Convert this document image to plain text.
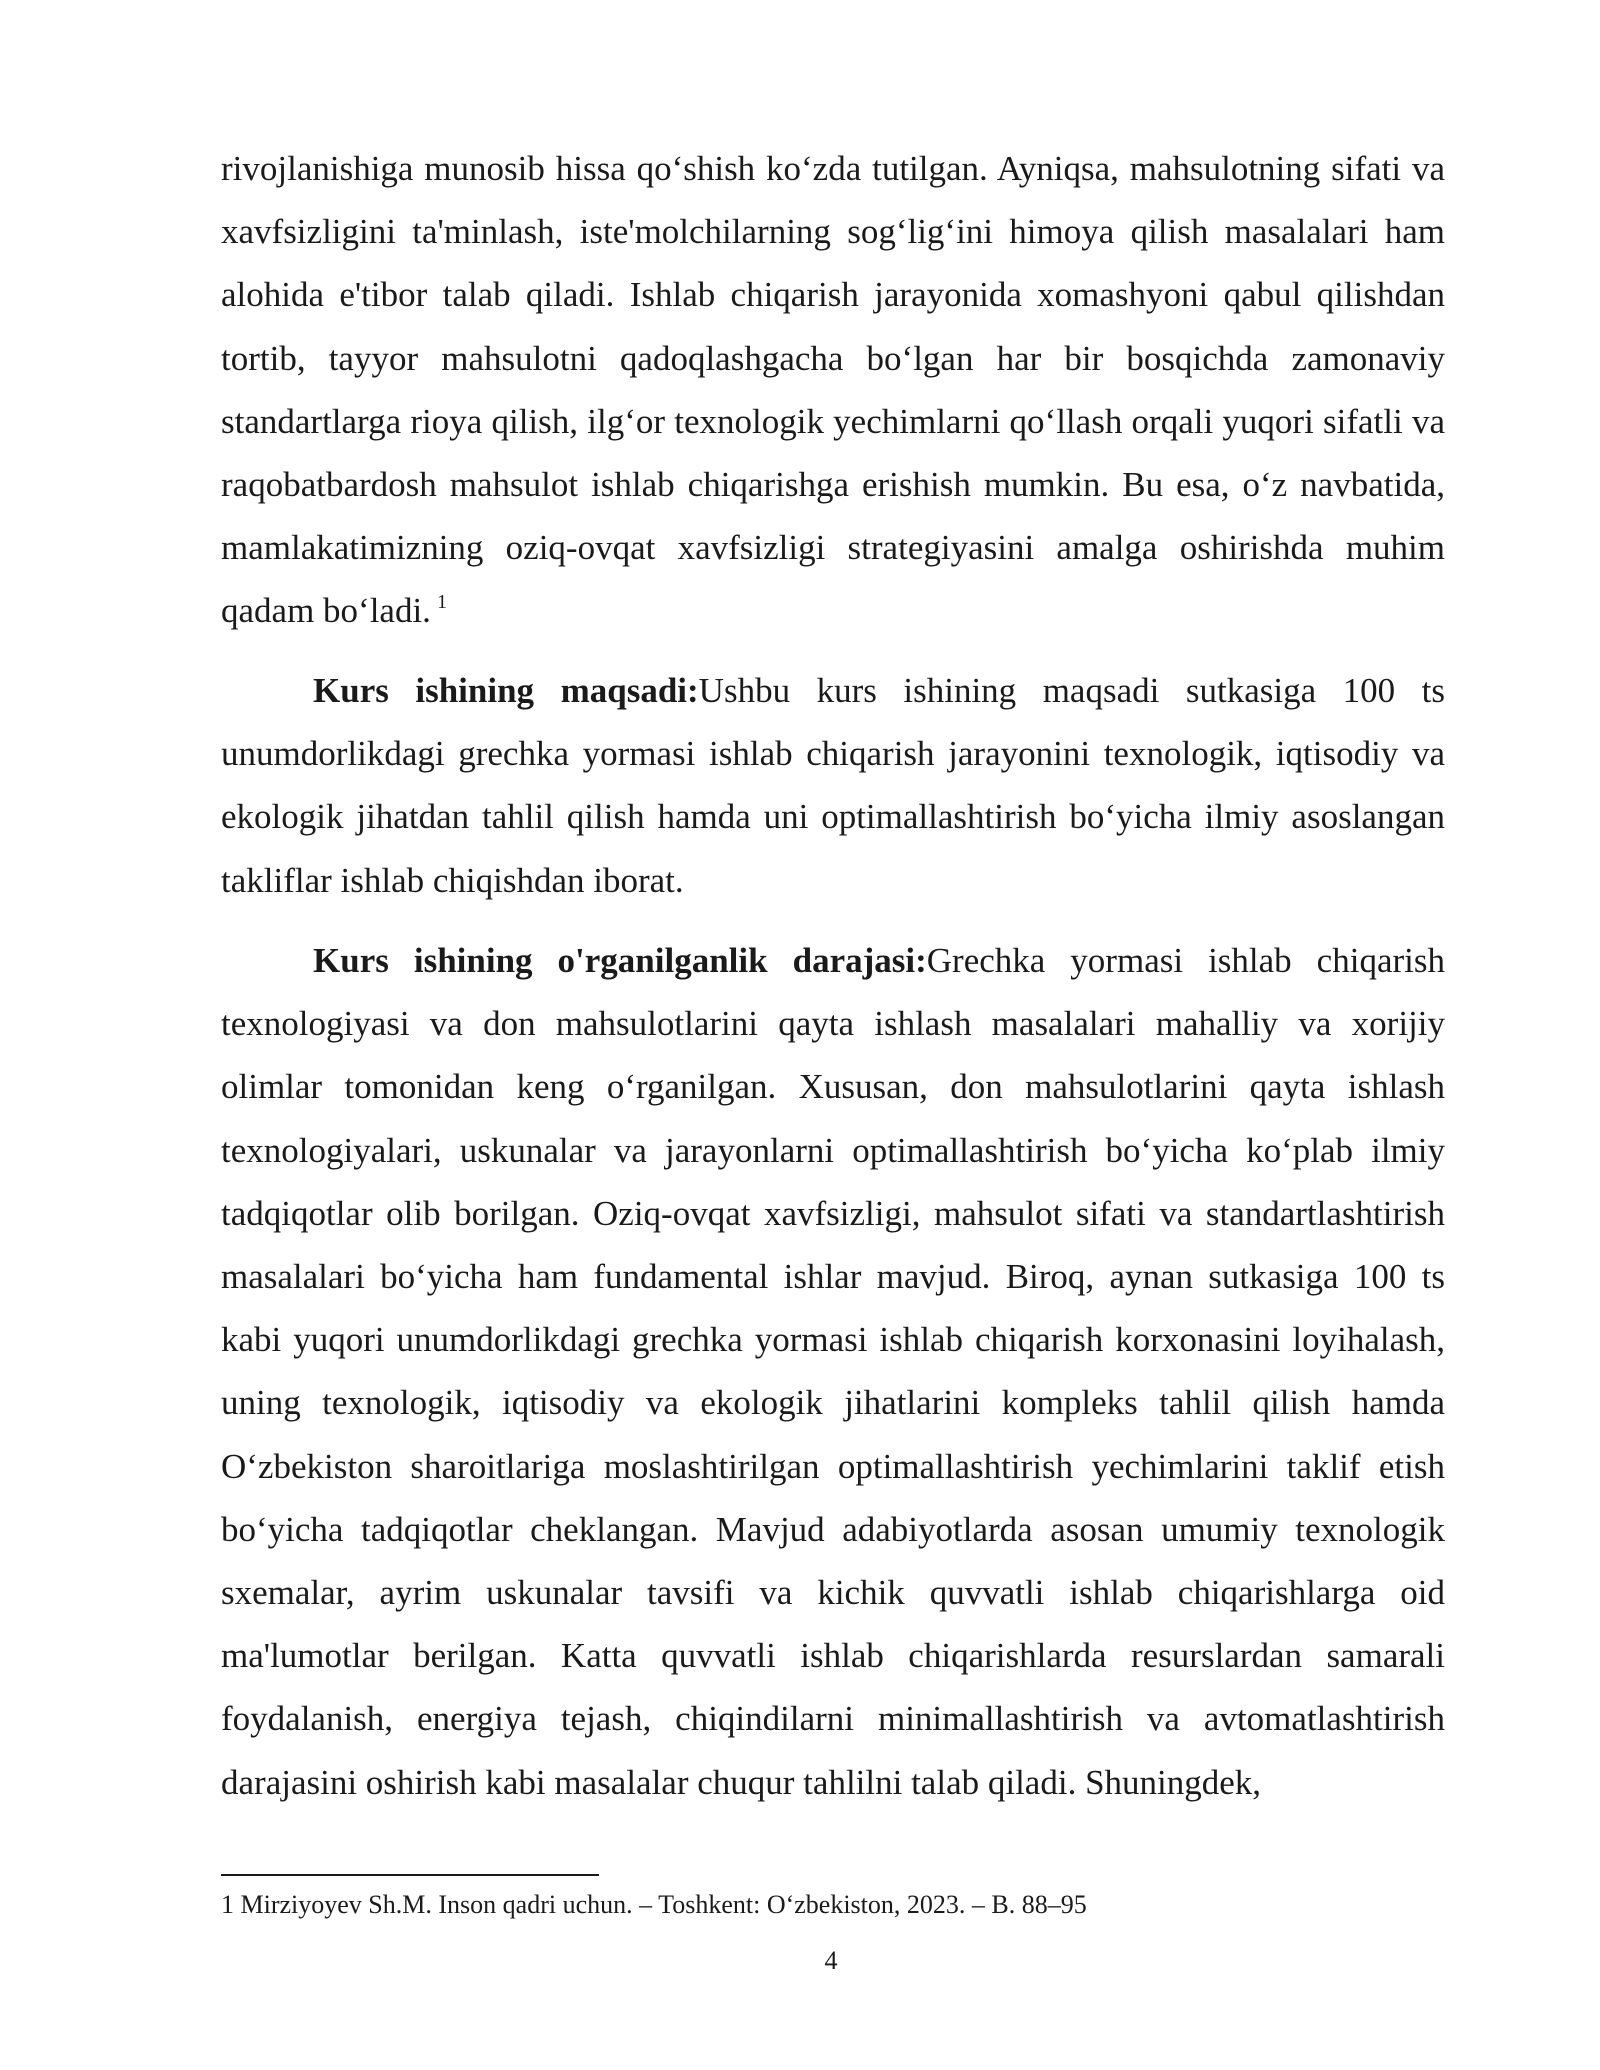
rivojlanishiga munosib hissa qo‘shish ko‘zda tutilgan. Ayniqsa, mahsulotning sifati va xavfsizligini ta'minlash, iste'molchilarning sog‘lig‘ini himoya qilish masalalari ham alohida e'tibor talab qiladi. Ishlab chiqarish jarayonida xomashyoni qabul qilishdan tortib, tayyor mahsulotni qadoqlashgacha bo‘lgan har bir bosqichda zamonaviy standartlarga rioya qilish, ilg‘or texnologik yechimlarni qo‘llash orqali yuqori sifatli va raqobatbardosh mahsulot ishlab chiqarishga erishish mumkin. Bu esa, o‘z navbatida, mamlakatimizning oziq-ovqat xavfsizligi strategiyasini amalga oshirishda muhim qadam bo‘ladi. $^1$

Kurs ishining maqsadi:Ushbu kurs ishining maqsadi sutkasiga 100 ts unumdorlikdagi grechka yormasi ishlab chiqarish jarayonini texnologik, iqtisodiy va ekologik jihatdan tahlil qilish hamda uni optimallashtirish bo‘yicha ilmiy asoslangan takliflar ishlab chiqishdan iborat.

Kurs ishining o'rganilganlik darajasi:Grechka yormasi ishlab chiqarish texnologiyasi va don mahsulotlarini qayta ishlash masalalari mahalliy va xorijiy olimlar tomonidan keng o‘rganilgan. Xususan, don mahsulotlarini qayta ishlash texnologiyalari, uskunalar va jarayonlarni optimallashtirish bo‘yicha ko‘plab ilmiy tadqiqotlar olib borilgan. Oziq-ovqat xavfsizligi, mahsulot sifati va standartlashtirish masalalari bo‘yicha ham fundamental ishlar mavjud. Biroq, aynan sutkasiga 100 ts kabi yuqori unumdorlikdagi grechka yormasi ishlab chiqarish korxonasini loyihalash, uning texnologik, iqtisodiy va ekologik jihatlarini kompleks tahlil qilish hamda O‘zbekiston sharoitlariga moslashtirilgan optimallashtirish yechimlarini taklif etish bo‘yicha tadqiqotlar cheklangan. Mavjud adabiyotlarda asosan umumiy texnologik sxemalar, ayrim uskunalar tavsifi va kichik quvvatli ishlab chiqarishlarga oid ma'lumotlar berilgan. Katta quvvatli ishlab chiqarishlarda resurslardan samarali foydalanish, energiya tejash, chiqindilarni minimallashtirish va avtomatlashtirish darajasini oshirish kabi masalalar chuqur tahlilni talab qiladi. Shuningdek,

1 Mirziyoyev Sh.M. Inson qadri uchun. – Toshkent: O‘zbekiston, 2023. – B. 88–95

4
